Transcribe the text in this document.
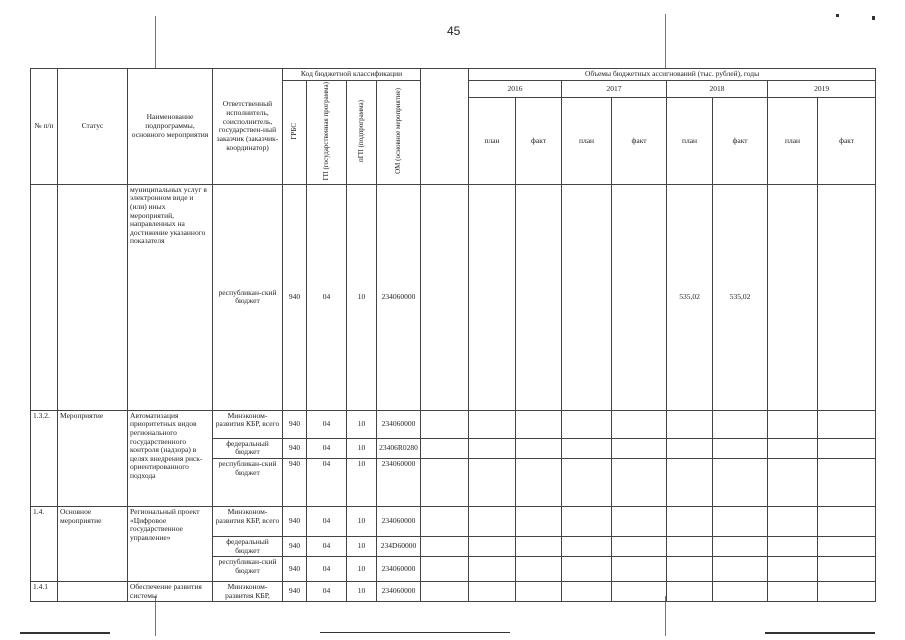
45
№ п/п	Статус	Наименование подпрограммы, основного мероприятия	Ответственный исполнитель, соисполнитель, государствен-ный заказчик (заказчик-координатор)	Код бюджетной классификации					Объемы бюджетных ассигнований (тыс. рублей), годы								
				ГРБС	ГП (государственная программа)	пГП (подпрограмма)	ОМ (основное мероприятие)		2016		2017		2018		2019	
									план	факт	план	факт	план	факт	план	факт	
		муниципальных услуг в электронном виде и (или) иных мероприятий, направленных на достижение указанного показателя	республикан-ский бюджет	940	04	10	234060000						535,02	535,02			
1.3.2.	Мероприятие	Автоматизация приоритетных видов регионального государственного контроля (надзора) в целях внедрения риск-ориентированного подхода	Минэконом-развития КБР, всего	940	04	10	234060000										
			федеральный бюджет	940	04	10	23406R0280										
			республикан-ский бюджет	940	04	10	234060000										
1.4.	Основное мероприятие	Региональный проект «Цифровое государственное управление»	Минэконом-развития КБР, всего	940	04	10	234060000										
			федеральный бюджет	940	04	10	234D60000										
			республикан-ский бюджет	940	04	10	234060000										
1.4.1		Обеспечение развития системы	Минэконом-развития КБР,	940	04	10	234060000										
